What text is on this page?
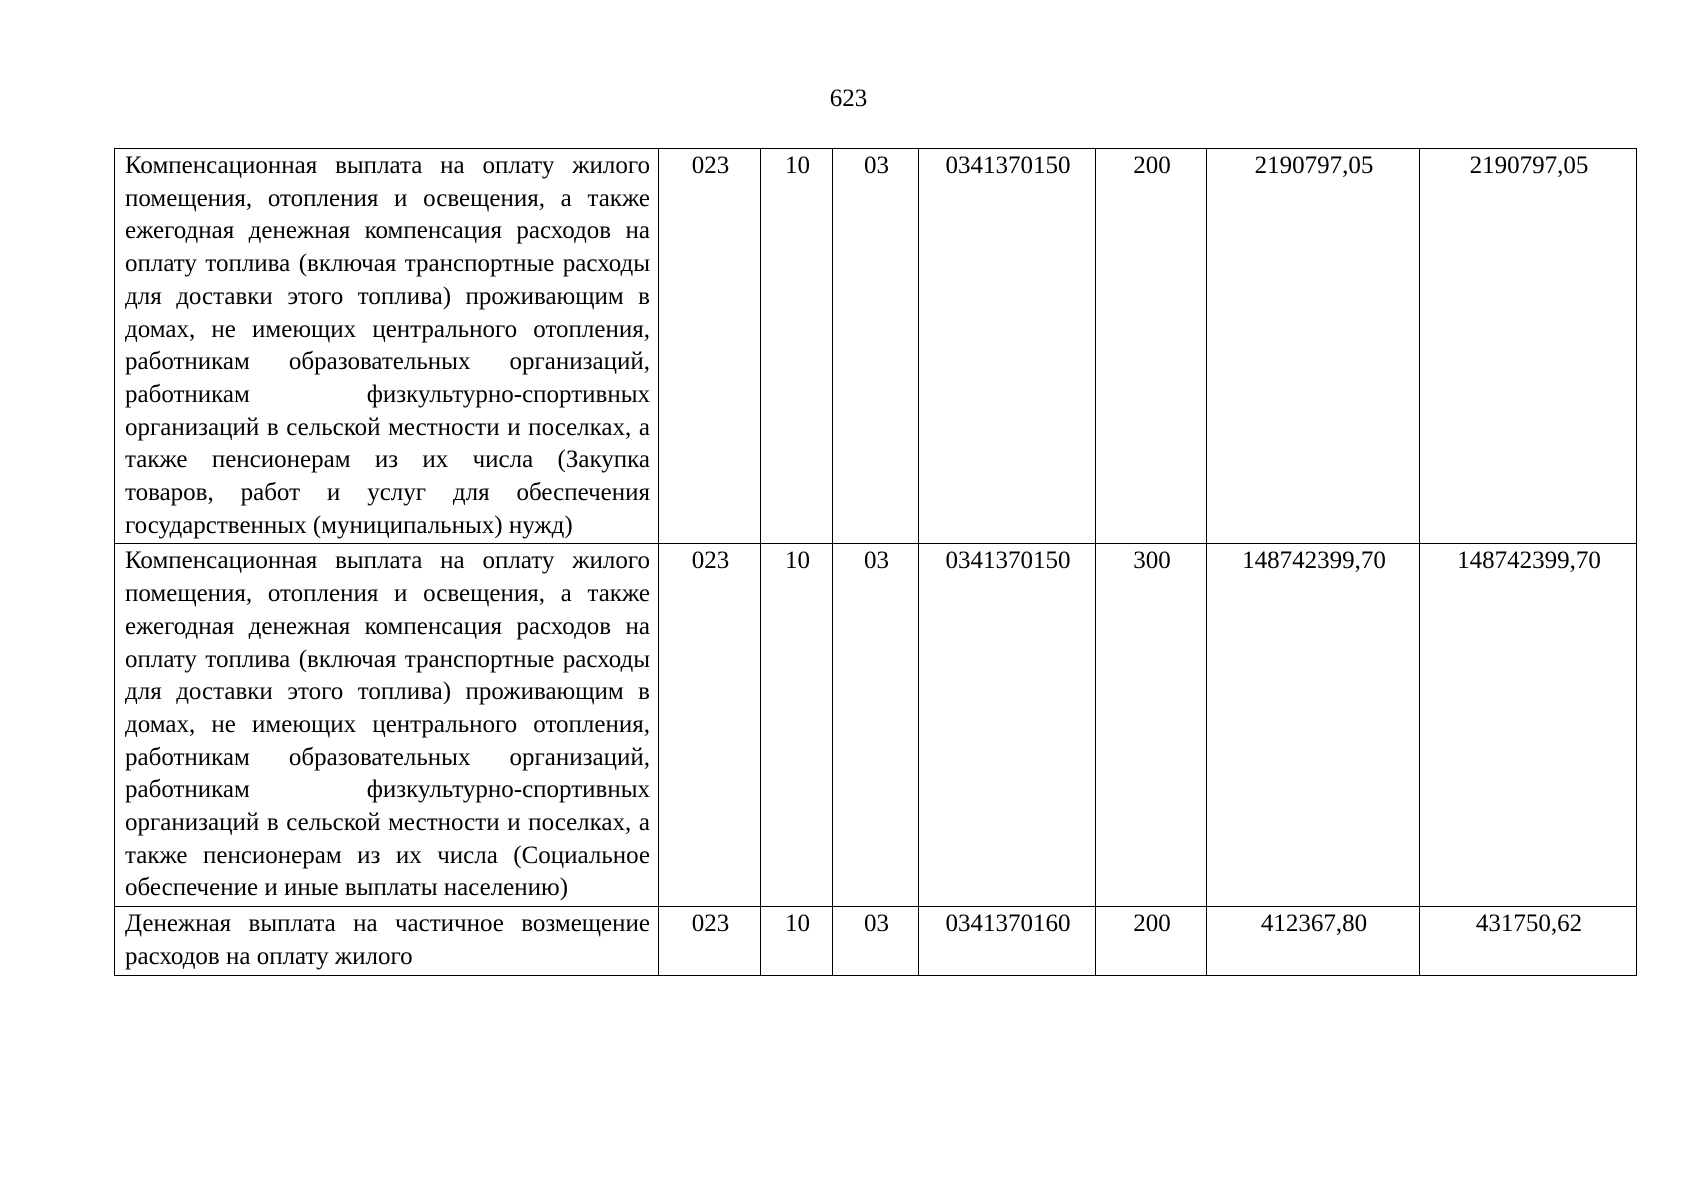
623
Компенсационная выплата на оплату жилого помещения, отопления и освещения, а также ежегодная денежная компенсация расходов на оплату топлива (включая транспортные расходы для доставки этого топлива) проживающим в домах, не имеющих центрального отопления, работникам образовательных организаций, работникам физкультурно-спортивных организаций в сельской местности и поселках, а также пенсионерам из их числа (Закупка товаров, работ и услуг для обеспечения государственных (муниципальных) нужд)	023	10	03	0341370150	200	2190797,05	2190797,05
Компенсационная выплата на оплату жилого помещения, отопления и освещения, а также ежегодная денежная компенсация расходов на оплату топлива (включая транспортные расходы для доставки этого топлива) проживающим в домах, не имеющих центрального отопления, работникам образовательных организаций, работникам физкультурно-спортивных организаций в сельской местности и поселках, а также пенсионерам из их числа (Социальное обеспечение и иные выплаты населению)	023	10	03	0341370150	300	148742399,70	148742399,70
Денежная выплата на частичное возмещение расходов на оплату жилого	023	10	03	0341370160	200	412367,80	431750,62
